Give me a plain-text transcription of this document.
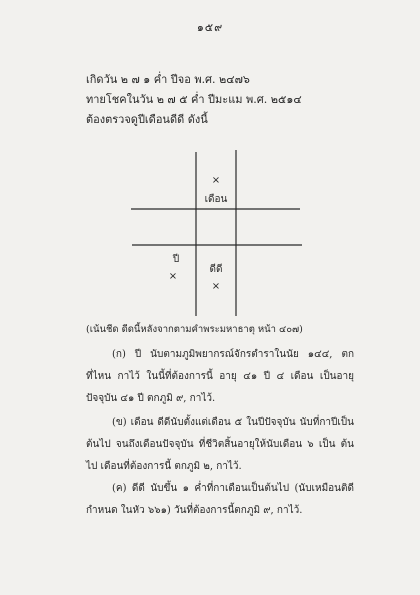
๑๕๙
เกิดวัน ๒ ๗ ๑ ค่ำ ปีจอ พ.ศ. ๒๔๗๖
ทายโชคในวัน ๒ ๗ ๕ ค่ำ ปีมะแม พ.ศ. ๒๕๑๔
ต้องตรวจดูปีเดือนดีดี ดังนี้
×
เดือน
ปี
×
ดีดี
×
(เน้นชีด ดีดนี้หลังจากตามคำพระมหาธาตุ หน้า ๔๐๗)

(ก) ปี นับตามภูมิพยากรณ์จักรตำราในนัย ๑๔๔, ตกที่ไหน กาไว้ ในนี้ที่ต้องการนี้ อายุ ๔๑ ปี ๔ เดือน เป็นอายุปัจจุบัน ๔๑ ปี ตกภูมิ ๙, กาไว้.

(ข) เดือน ดีดีนับตั้งแต่เดือน ๕ ในปีปัจจุบัน นับที่กาปีเป็น ต้นไป จนถึงเดือนปัจจุบัน ที่ชีวิตสิ้นอายุให้นับเดือน ๖ เป็น ต้นไป เดือนที่ต้องการนี้ ตกภูมิ ๒, กาไว้.

(ค) ดีดี นับขึ้น ๑ ค่ำที่กาเดือนเป็นต้นไป (นับเหมือนติดี กำหนด ในหัว ๖๖๑) วันที่ต้องการนี้ตกภูมิ ๙, กาไว้.
